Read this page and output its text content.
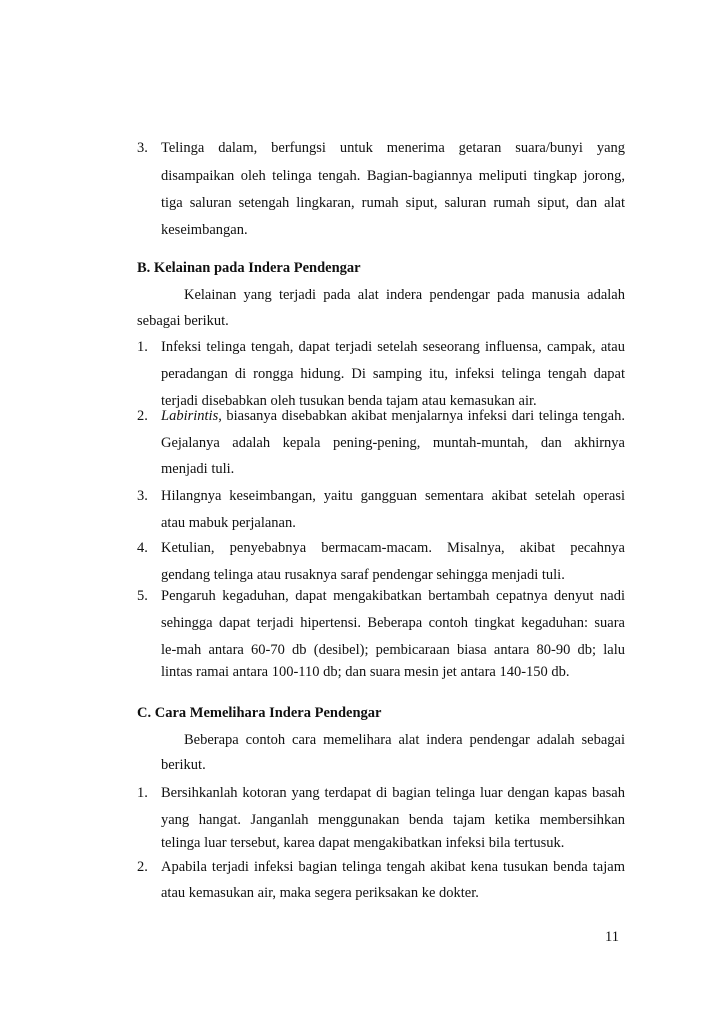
3. Telinga dalam, berfungsi untuk menerima getaran suara/bunyi yang
disampaikan oleh telinga tengah. Bagian-bagiannya meliputi tingkap jorong,
tiga saluran setengah lingkaran, rumah siput, saluran rumah siput, dan alat
keseimbangan.
B. Kelainan pada Indera Pendengar
Kelainan yang terjadi pada alat indera pendengar pada manusia adalah
sebagai berikut.
1. Infeksi telinga tengah, dapat terjadi setelah seseorang influensa, campak, atau
peradangan di rongga hidung. Di samping itu, infeksi telinga tengah dapat
terjadi disebabkan oleh tusukan benda tajam atau kemasukan air.
2. Labirintis, biasanya disebabkan akibat menjalarnya infeksi dari telinga tengah.
Gejalanya adalah kepala pening-pening, muntah-muntah, dan akhirnya
menjadi tuli.
3. Hilangnya keseimbangan, yaitu gangguan sementara akibat setelah operasi
atau mabuk perjalanan.
4. Ketulian, penyebabnya bermacam-macam. Misalnya, akibat pecahnya
gendang telinga atau rusaknya saraf pendengar sehingga menjadi tuli.
5. Pengaruh kegaduhan, dapat mengakibatkan bertambah cepatnya denyut nadi
sehingga dapat terjadi hipertensi. Beberapa contoh tingkat kegaduhan: suara
le-mah antara 60-70 db (desibel); pembicaraan biasa antara 80-90 db; lalu
lintas ramai antara 100-110 db; dan suara mesin jet antara 140-150 db.
C. Cara Memelihara Indera Pendengar
Beberapa contoh cara memelihara alat indera pendengar adalah sebagai
berikut.
1. Bersihkanlah kotoran yang terdapat di bagian telinga luar dengan kapas basah
yang hangat. Janganlah menggunakan benda tajam ketika membersihkan
telinga luar tersebut, karea dapat mengakibatkan infeksi bila tertusuk.
2. Apabila terjadi infeksi bagian telinga tengah akibat kena tusukan benda tajam
atau kemasukan air, maka segera periksakan ke dokter.
11
